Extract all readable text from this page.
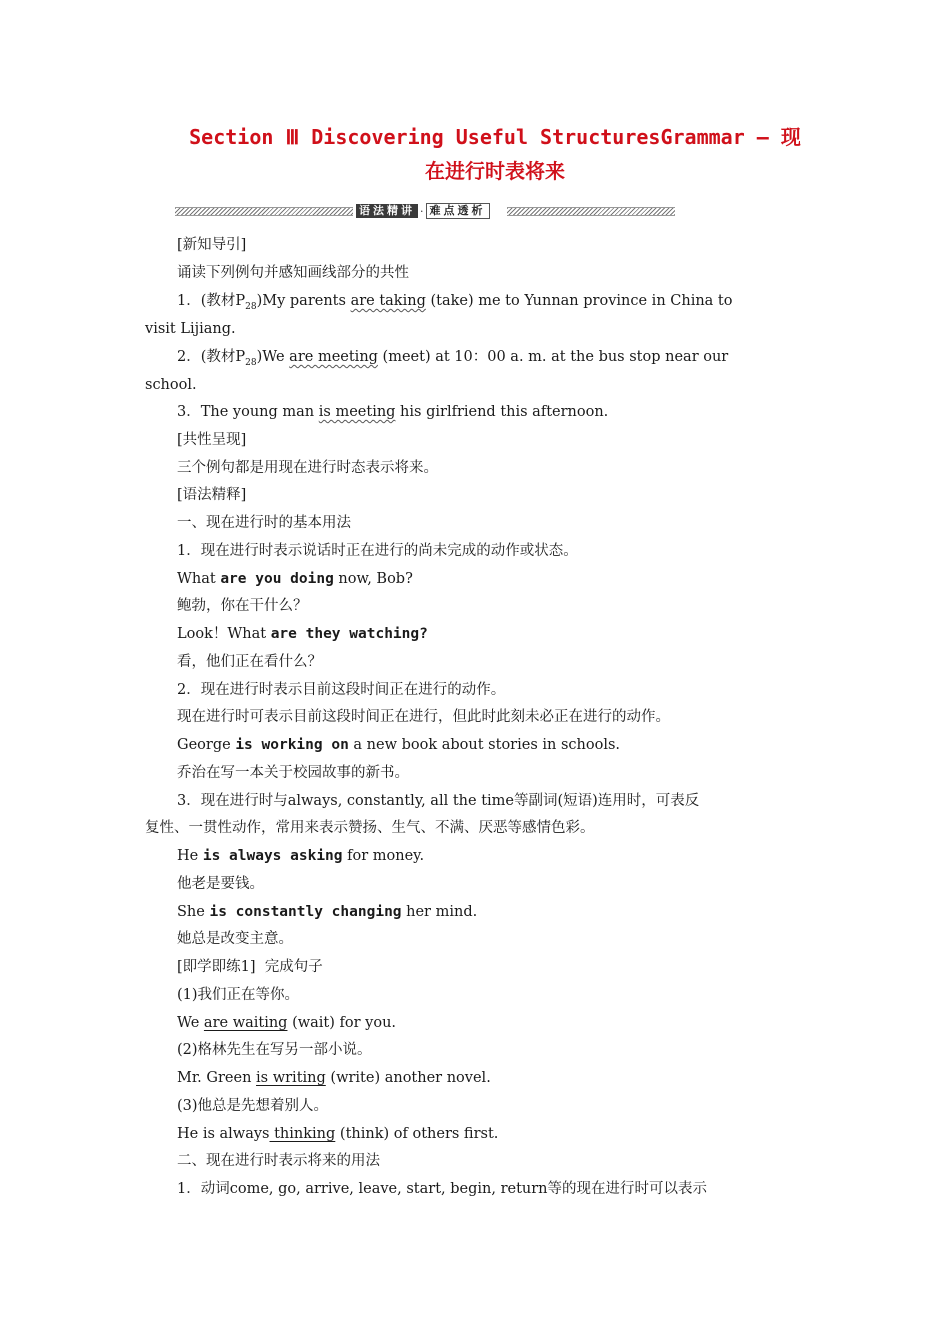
Section Ⅲ Discovering Useful StructuresGrammar — 现
在进行时表将来
语法精讲 · 难点透析
[新知导引]
诵读下列例句并感知画线部分的共性
1．(教材$P_{28})My$ parents are taking (take) me to Yunnan province in China to
visit Lijiang.
2．(教材$P_{28})We$ are meeting (meet) at 10：00 a. m. at the bus stop near our
school.
3．The young man is meeting his girlfriend this afternoon.
[共性呈现]
三个例句都是用现在进行时态表示将来。
[语法精释]
一、现在进行时的基本用法
1．现在进行时表示说话时正在进行的尚未完成的动作或状态。
What are you doing now, Bob?
鲍勃，你在干什么？
Look！What are they watching?
看，他们正在看什么？
2．现在进行时表示目前这段时间正在进行的动作。
现在进行时可表示目前这段时间正在进行，但此时此刻未必正在进行的动作。
George is working on a new book about stories in schools.
乔治在写一本关于校园故事的新书。
3．现在进行时与always, constantly, all the time等副词(短语)连用时，可表反
复性、一贯性动作，常用来表示赞扬、生气、不满、厌恶等感情色彩。
He is always asking for money.
他老是要钱。
She is constantly changing her mind.
她总是改变主意。
[即学即练1]  完成句子
(1)我们正在等你。
We are waiting (wait) for you.
(2)格林先生在写另一部小说。
Mr. Green is writing (write) another novel.
(3)他总是先想着别人。
He is always thinking (think) of others first.
二、现在进行时表示将来的用法
1．动词come, go, arrive, leave, start, begin, return等的现在进行时可以表示
